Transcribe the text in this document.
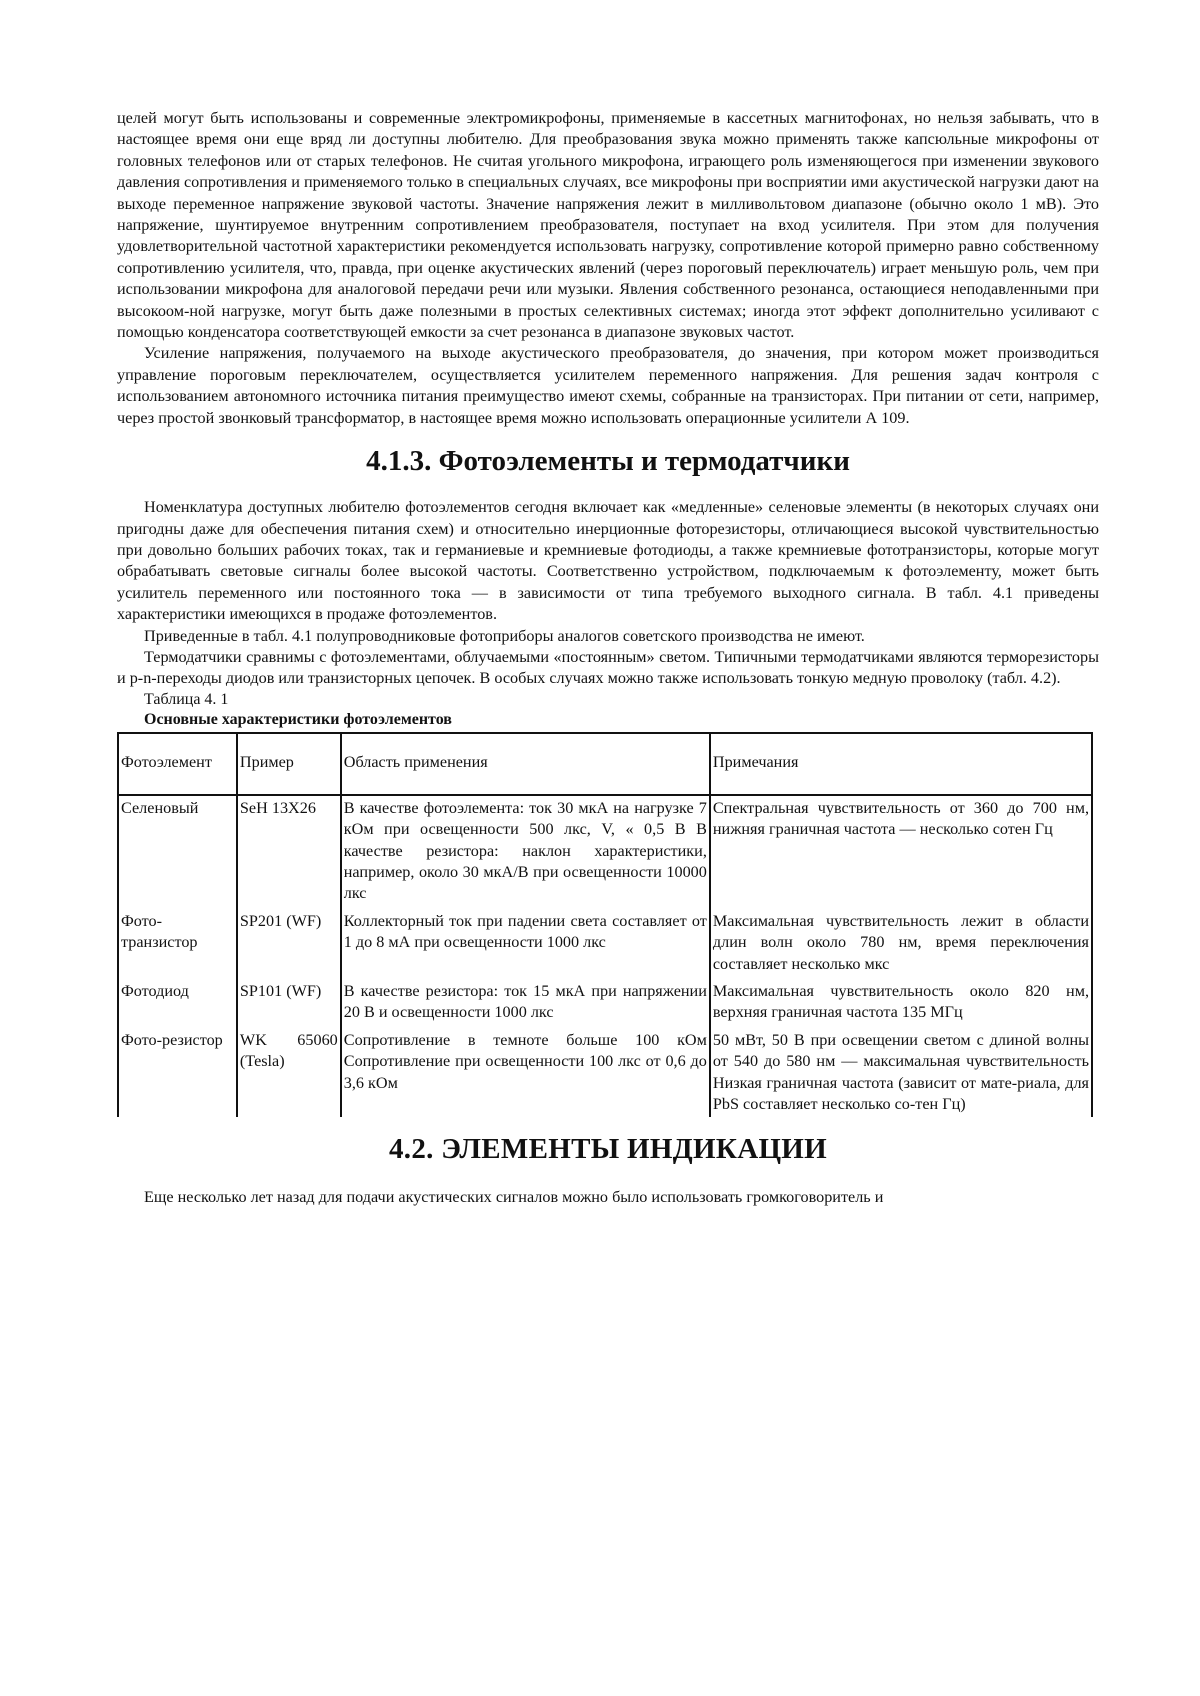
целей могут быть использованы и современные электромикрофоны, применяемые в кассетных магнитофонах, но нельзя забывать, что в настоящее время они еще вряд ли доступны любителю. Для преобразования звука можно применять также капсюльные микрофоны от головных телефонов или от старых телефонов. Не считая угольного микрофона, играющего роль изменяющегося при изменении звукового давления сопротивления и применяемого только в специальных случаях, все микрофоны при восприятии ими акустической нагрузки дают на выходе переменное напряжение звуковой частоты. Значение напряжения лежит в милливольтовом диапазоне (обычно около 1 мВ). Это напряжение, шунтируемое внутренним сопротивлением преобразователя, поступает на вход усилителя. При этом для получения удовлетворительной частотной характеристики рекомендуется использовать нагрузку, сопротивление которой примерно равно собственному сопротивлению усилителя, что, правда, при оценке акустических явлений (через пороговый переключатель) играет меньшую роль, чем при использовании микрофона для аналоговой передачи речи или музыки. Явления собственного резонанса, остающиеся неподавленными при высокоом-ной нагрузке, могут быть даже полезными в простых селективных системах; иногда этот эффект дополнительно усиливают с помощью конденсатора соответствующей емкости за счет резонанса в диапазоне звуковых частот.

Усиление напряжения, получаемого на выходе акустического преобразователя, до значения, при котором может производиться управление пороговым переключателем, осуществляется усилителем переменного напряжения. Для решения задач контроля с использованием автономного источника питания преимущество имеют схемы, собранные на транзисторах. При питании от сети, например, через простой звонковый трансформатор, в настоящее время можно использовать операционные усилители А 109.

4.1.3. Фотоэлементы и термодатчики

Номенклатура доступных любителю фотоэлементов сегодня включает как «медленные» селеновые элементы (в некоторых случаях они пригодны даже для обеспечения питания схем) и относительно инерционные фоторезисторы, отличающиеся высокой чувствительностью при довольно больших рабочих токах, так и германиевые и кремниевые фотодиоды, а также кремниевые фототранзисторы, которые могут обрабатывать световые сигналы более высокой частоты. Соответственно устройством, подключаемым к фотоэлементу, может быть усилитель переменного или постоянного тока — в зависимости от типа требуемого выходного сигнала. В табл. 4.1 приведены характеристики имеющихся в продаже фотоэлементов.

Приведенные в табл. 4.1 полупроводниковые фотоприборы аналогов советского производства не имеют.

Термодатчики сравнимы с фотоэлементами, облучаемыми «постоянным» светом. Типичными термодатчиками являются терморезисторы и p-n-переходы диодов или транзисторных цепочек. В особых случаях можно также использовать тонкую медную проволоку (табл. 4.2).

Таблица 4. 1

Основные характеристики фотоэлементов

Фотоэлемент	Пример	Область применения	Примечания
Селеновый	SeH 13X26	В качестве фотоэлемента: ток 30 мкА на нагрузке 7 кОм при освещенности 500 лкс, V, « 0,5 В В качестве резистора: наклон характеристики, например, около 30 мкА/В при освещенности 10000 лкс	Спектральная чувствительность от 360 до 700 нм, нижняя граничная частота — несколько сотен Гц
Фото-транзистор	SP201 (WF)	Коллекторный ток при падении света составляет от 1 до 8 мА при освещенности 1000 лкс	Максимальная чувствительность лежит в области длин волн около 780 нм, время переключения составляет несколько мкс
Фотодиод	SP101 (WF)	В качестве резистора: ток 15 мкА при напряжении 20 В и освещенности 1000 лкс	Максимальная чувствительность около 820 нм, верхняя граничная частота 135 МГц
Фото-резистор	WK 65060 (Tesla)	Сопротивление в темноте больше 100 кОм Сопротивление при освещенности 100 лкс от 0,6 до 3,6 кОм	50 мВт, 50 В при освещении светом с длиной волны от 540 до 580 нм — максимальная чувствительность Низкая граничная частота (зависит от мате-риала, для PbS составляет несколько со-тен Гц)
4.2. ЭЛЕМЕНТЫ ИНДИКАЦИИ

Еще несколько лет назад для подачи акустических сигналов можно было использовать громкоговоритель и
